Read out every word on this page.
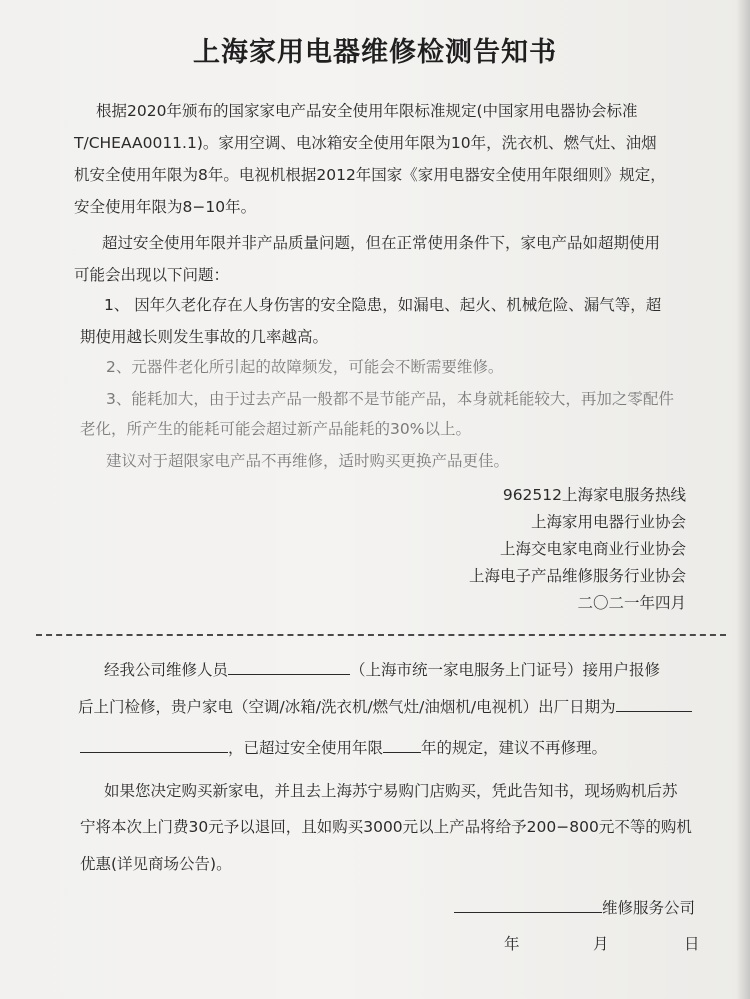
上海家用电器维修检测告知书
根据2020年颁布的国家家电产品安全使用年限标准规定(中国家用电器协会标准
T/CHEAA0011.1)。家用空调、电冰箱安全使用年限为10年，洗衣机、燃气灶、油烟
机安全使用年限为8年。电视机根据2012年国家《家用电器安全使用年限细则》规定，
安全使用年限为8−10年。
超过安全使用年限并非产品质量问题，但在正常使用条件下，家电产品如超期使用
可能会出现以下问题：
1、 因年久老化存在人身伤害的安全隐患，如漏电、起火、机械危险、漏气等，超
期使用越长则发生事故的几率越高。
2、元器件老化所引起的故障频发，可能会不断需要维修。
3、能耗加大，由于过去产品一般都不是节能产品，本身就耗能较大，再加之零配件
老化，所产生的能耗可能会超过新产品能耗的30%以上。
建议对于超限家电产品不再维修，适时购买更换产品更佳。
962512上海家电服务热线
上海家用电器行业协会
上海交电家电商业行业协会
上海电子产品维修服务行业协会
二〇二一年四月
经我公司维修人员	（上海市统一家电服务上门证号）接用户报修
后上门检修，贵户家电（空调/冰箱/洗衣机/燃气灶/油烟机/电视机）出厂日期为
，已超过安全使用年限 年的规定，建议不再修理。
如果您决定购买新家电，并且去上海苏宁易购门店购买，凭此告知书，现场购机后苏
宁将本次上门费30元予以退回，且如购买3000元以上产品将给予200−800元不等的购机
优惠(详见商场公告)。
维修服务公司
年	月	日
